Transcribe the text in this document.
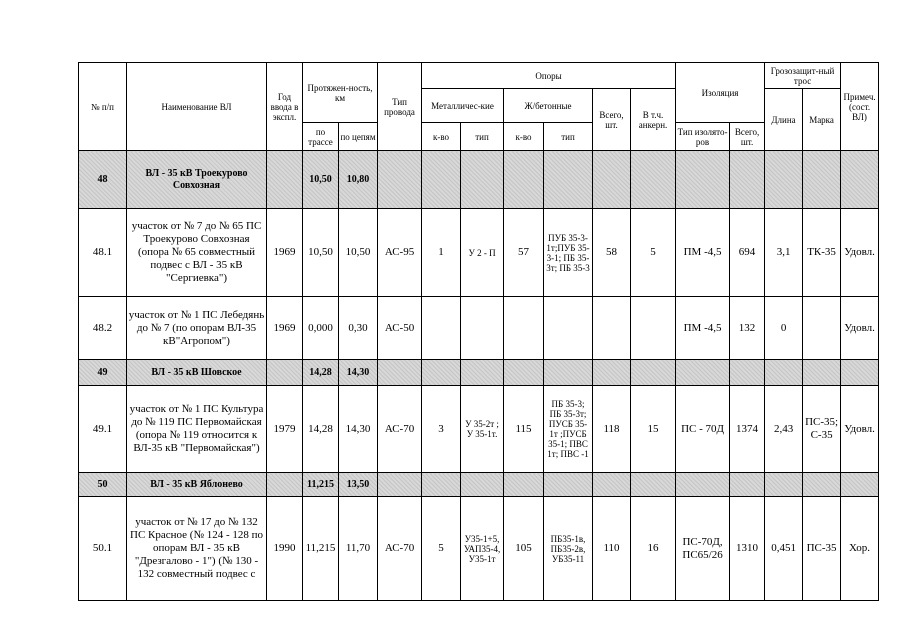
№ п/п	Наименование ВЛ	Год ввода в экспл.	Протяжен-ность, км		Тип провода	Опоры						Изоляция		Грозозащит-ный трос		Примеч. (сост. ВЛ)
						Металличес-кие		Ж/бетонные		Всего, шт.	В т.ч. анкерн.			Длина	Марка	
			по трассе	по цепям		к-во	тип	к-во	тип			Тип изолято-ров	Всего, шт.			
48	ВЛ - 35 кВ Троекурово Совхозная		10,50	10,80												
48.1	участок от № 7 до № 65 ПС Троекурово Совхозная (опора № 65 совместный подвес с ВЛ - 35 кВ "Сергиевка")	1969	10,50	10,50	АС-95	1	У 2 - П	57	ПУБ 35-3-1т;ПУБ 35-3-1; ПБ 35-3т; ПБ 35-3	58	5	ПМ -4,5	694	3,1	ТК-35	Удовл.
48.2	участок от № 1 ПС Лебедянь до № 7 (по опорам ВЛ-35 кВ"Агропом")	1969	0,000	0,30	АС-50							ПМ -4,5	132	0		Удовл.
49	ВЛ - 35 кВ Шовское		14,28	14,30												
49.1	участок от № 1 ПС Культура до № 119 ПС Первомайская (опора № 119 относится к ВЛ-35 кВ "Первомайская")	1979	14,28	14,30	АС-70	3	У 35-2т ; У 35-1т.	115	ПБ 35-3; ПБ 35-3т; ПУСБ 35-1т ;ПУСБ 35-1; ПВС 1т; ПВС -1	118	15	ПС - 70Д	1374	2,43	ПС-35; С-35	Удовл.
50	ВЛ - 35 кВ Яблонево		11,215	13,50												
50.1	участок от № 17 до № 132 ПС Красное (№ 124 - 128 по опорам ВЛ - 35 кВ "Дрезгалово - 1") (№ 130 - 132 совместный подвес с	1990	11,215	11,70	АС-70	5	У35-1+5, УАП35-4, У35-1т	105	ПБ35-1в, ПБ35-2в, УБ35-11	110	16	ПС-70Д, ПС65/26	1310	0,451	ПС-35	Хор.
